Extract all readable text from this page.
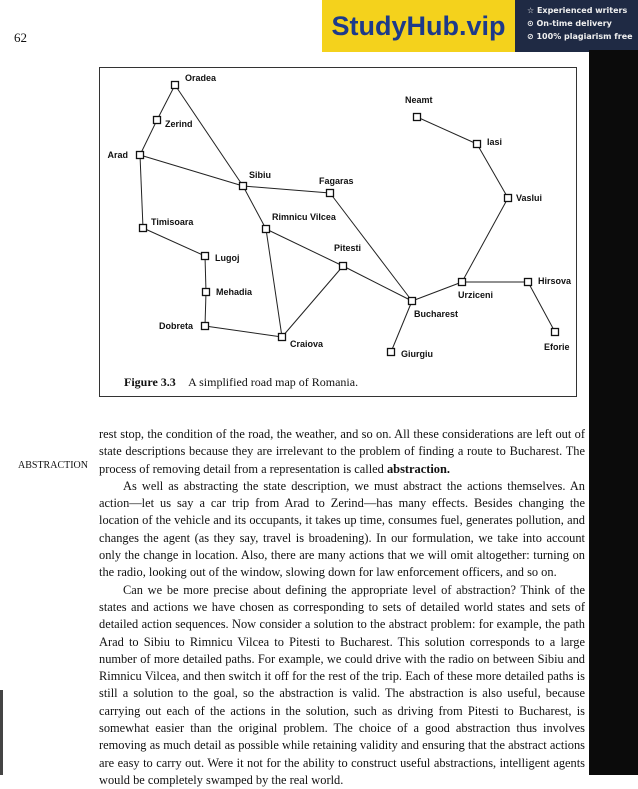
62	StudyHub.vip	☆ Experienced writers
⊙ On-time delivery
⊘ 100% plagiarism free
Oradea
Zerind
Arad
Timisoara
Lugoj
Mehadia
Dobreta
Craiova
Sibiu
Rimnicu Vilcea
Fagaras
Pitesti
Bucharest
Giurgiu
Urziceni
Hirsova
Eforie
Vaslui
Iasi
Neamt
Figure 3.3 A simplified road map of Romania.
ABSTRACTION

rest stop, the condition of the road, the weather, and so on. All these considerations are left out of state descriptions because they are irrelevant to the problem of finding a route to Bucharest. The process of removing detail from a representation is called abstraction.

As well as abstracting the state description, we must abstract the actions themselves. An action—let us say a car trip from Arad to Zerind—has many effects. Besides changing the location of the vehicle and its occupants, it takes up time, consumes fuel, generates pollution, and changes the agent (as they say, travel is broadening). In our formulation, we take into account only the change in location. Also, there are many actions that we will omit altogether: turning on the radio, looking out of the window, slowing down for law enforcement officers, and so on.

Can we be more precise about defining the appropriate level of abstraction? Think of the states and actions we have chosen as corresponding to sets of detailed world states and sets of detailed action sequences. Now consider a solution to the abstract problem: for example, the path Arad to Sibiu to Rimnicu Vilcea to Pitesti to Bucharest. This solution corresponds to a large number of more detailed paths. For example, we could drive with the radio on between Sibiu and Rimnicu Vilcea, and then switch it off for the rest of the trip. Each of these more detailed paths is still a solution to the goal, so the abstraction is valid. The abstraction is also useful, because carrying out each of the actions in the solution, such as driving from Pitesti to Bucharest, is somewhat easier than the original problem. The choice of a good abstraction thus involves removing as much detail as possible while retaining validity and ensuring that the abstract actions are easy to carry out. Were it not for the ability to construct useful abstractions, intelligent agents would be completely swamped by the real world.
